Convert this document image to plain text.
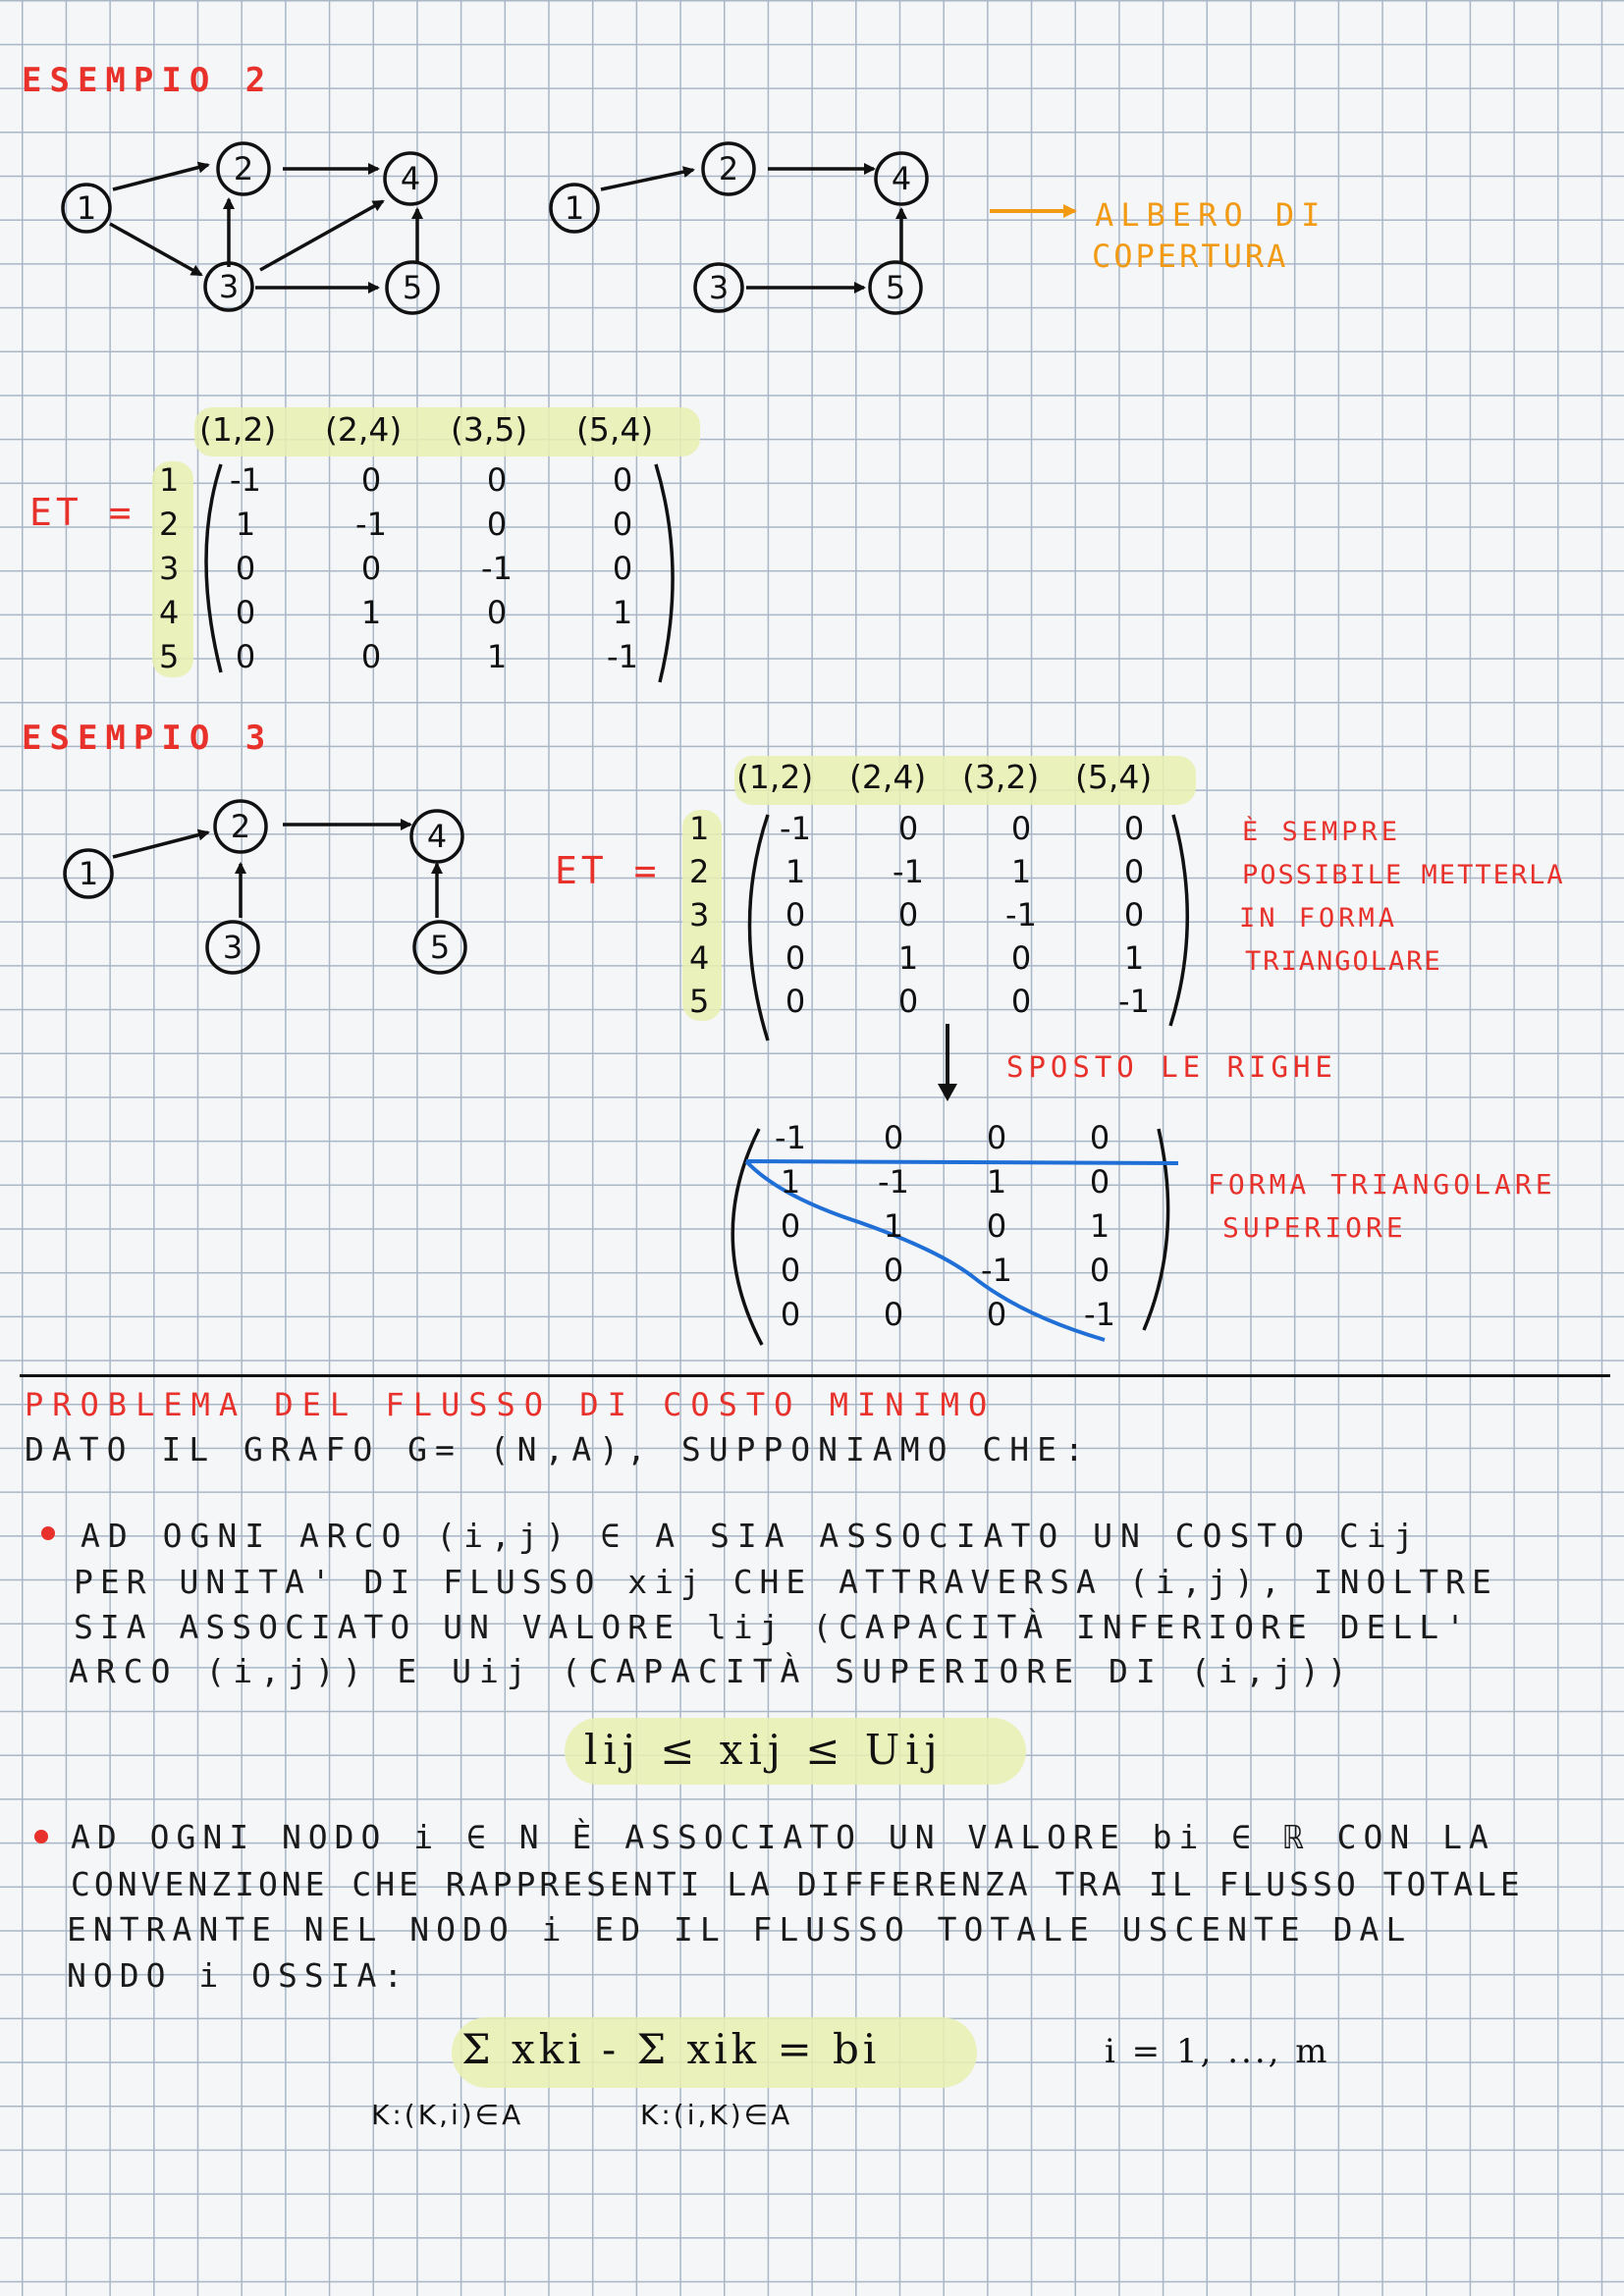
ESEMPIO 2
1
2
3
4
5
1
2
3
4
5
1
2
3
4
5
ALBERO DI
COPERTURA
ET =
ESEMPIO 3
ET =
È SEMPRE
POSSIBILE METTERLA
IN FORMA
TRIANGOLARE
SPOSTO LE RIGHE
FORMA TRIANGOLARE
SUPERIORE
PROBLEMA DEL FLUSSO DI COSTO MINIMO
DATO IL GRAFO G= (N,A), SUPPONIAMO CHE:
AD OGNI ARCO (i,j) ∈ A SIA ASSOCIATO UN COSTO Cij
PER UNITA' DI FLUSSO xij CHE ATTRAVERSA (i,j), INOLTRE
SIA ASSOCIATO UN VALORE lij (CAPACITÀ INFERIORE DELL'
ARCO (i,j)) E Uij (CAPACITÀ SUPERIORE DI (i,j))
lij ≤ xij ≤ Uij
AD OGNI NODO i ∈ N È ASSOCIATO UN VALORE bi ∈ ℝ CON LA
CONVENZIONE CHE RAPPRESENTI LA DIFFERENZA TRA IL FLUSSO TOTALE
ENTRANTE NEL NODO i ED IL FLUSSO TOTALE USCENTE DAL
NODO i OSSIA:
Σ xki - Σ xik = bi
K:(K,i)∈A	K:(i,K)∈A
i = 1, ..., m
(1,2) (2,4) (3,5) (5,4)
1
2
3
4
5
-1	0	0	0
1	-1	0	0
0	0	-1	0
0	1	0	1
0	0	1	-1
(1,2) (2,4) (3,2) (5,4)
1
2
3
4
5
-1	0	0	0
1	-1	1	0
0	0	-1	0
0	1	0	1
0	0	0	-1
-1	0	0	0
1	-1	1	0
0	1	0	1
0	0	-1	0
0	0	0	-1
